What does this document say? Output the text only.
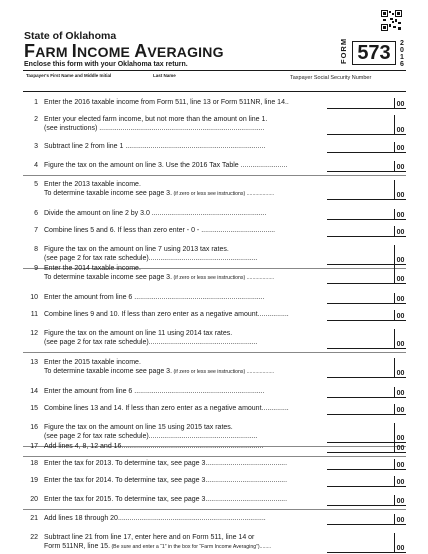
State of Oklahoma
FARM INCOME AVERAGING
Enclose this form with your Oklahoma tax return.
FORM 573	2
0
1
6
Taxpayer's First Name and Middle Initial	Last Name	Taxpayer Social Security Number
1 Enter the 2016 taxable income from Form 511, line 13 or Form 511NR, line 14..	00
2 Enter your elected farm income, but not more than the amount on line 1.
(see instructions) .....................................................................................	00
3 Subtract line 2 from line 1 ........................................................................	00
4 Figure the tax on the amount on line 3. Use the 2016 Tax Table ........................	00
5 Enter the 2013 taxable income.
To determine taxable income see page 3. (if zero or less see instructions) ...................	00
6 Divide the amount on line 2 by 3.0 ...........................................................	00
7 Combine lines 5 and 6. If less than zero enter - 0 - ......................................	00
8 Figure the tax on the amount on line 7 using 2013 tax rates.
(see page 2 for tax rate schedule)........................................................	00
9 Enter the 2014 taxable income.
To determine taxable income see page 3. (if zero or less see instructions) ...................	00
10 Enter the amount from line 6 ...................................................................	00
11 Combine lines 9 and 10. If less than zero enter as a negative amount................	00
12 Figure the tax on the amount on line 11 using 2014 tax rates.
(see page 2 for tax rate schedule)........................................................	00
13 Enter the 2015 taxable income.
To determine taxable income see page 3. (if zero or less see instructions) ...................	00
14 Enter the amount from line 6 ...................................................................	00
15 Combine lines 13 and 14. If less than zero enter as a negative amount..............	00
16 Figure the tax on the amount on line 15 using 2015 tax rates.
(see page 2 for tax rate schedule)........................................................	00
17 Add lines 4, 8, 12 and 16.........................................................................	00
18 Enter the tax for 2013. To determine tax, see page 3..........................................	00
19 Enter the tax for 2014. To determine tax, see page 3..........................................	00
20 Enter the tax for 2015. To determine tax, see page 3..........................................	00
21 Add lines 18 through 20............................................................................	00
22 Subtract line 21 from line 17, enter here and on Form 511, line 14 or
Form 511NR, line 15. (Be sure and enter a “1” in the box for “Farm Income Averaging”)........	00
